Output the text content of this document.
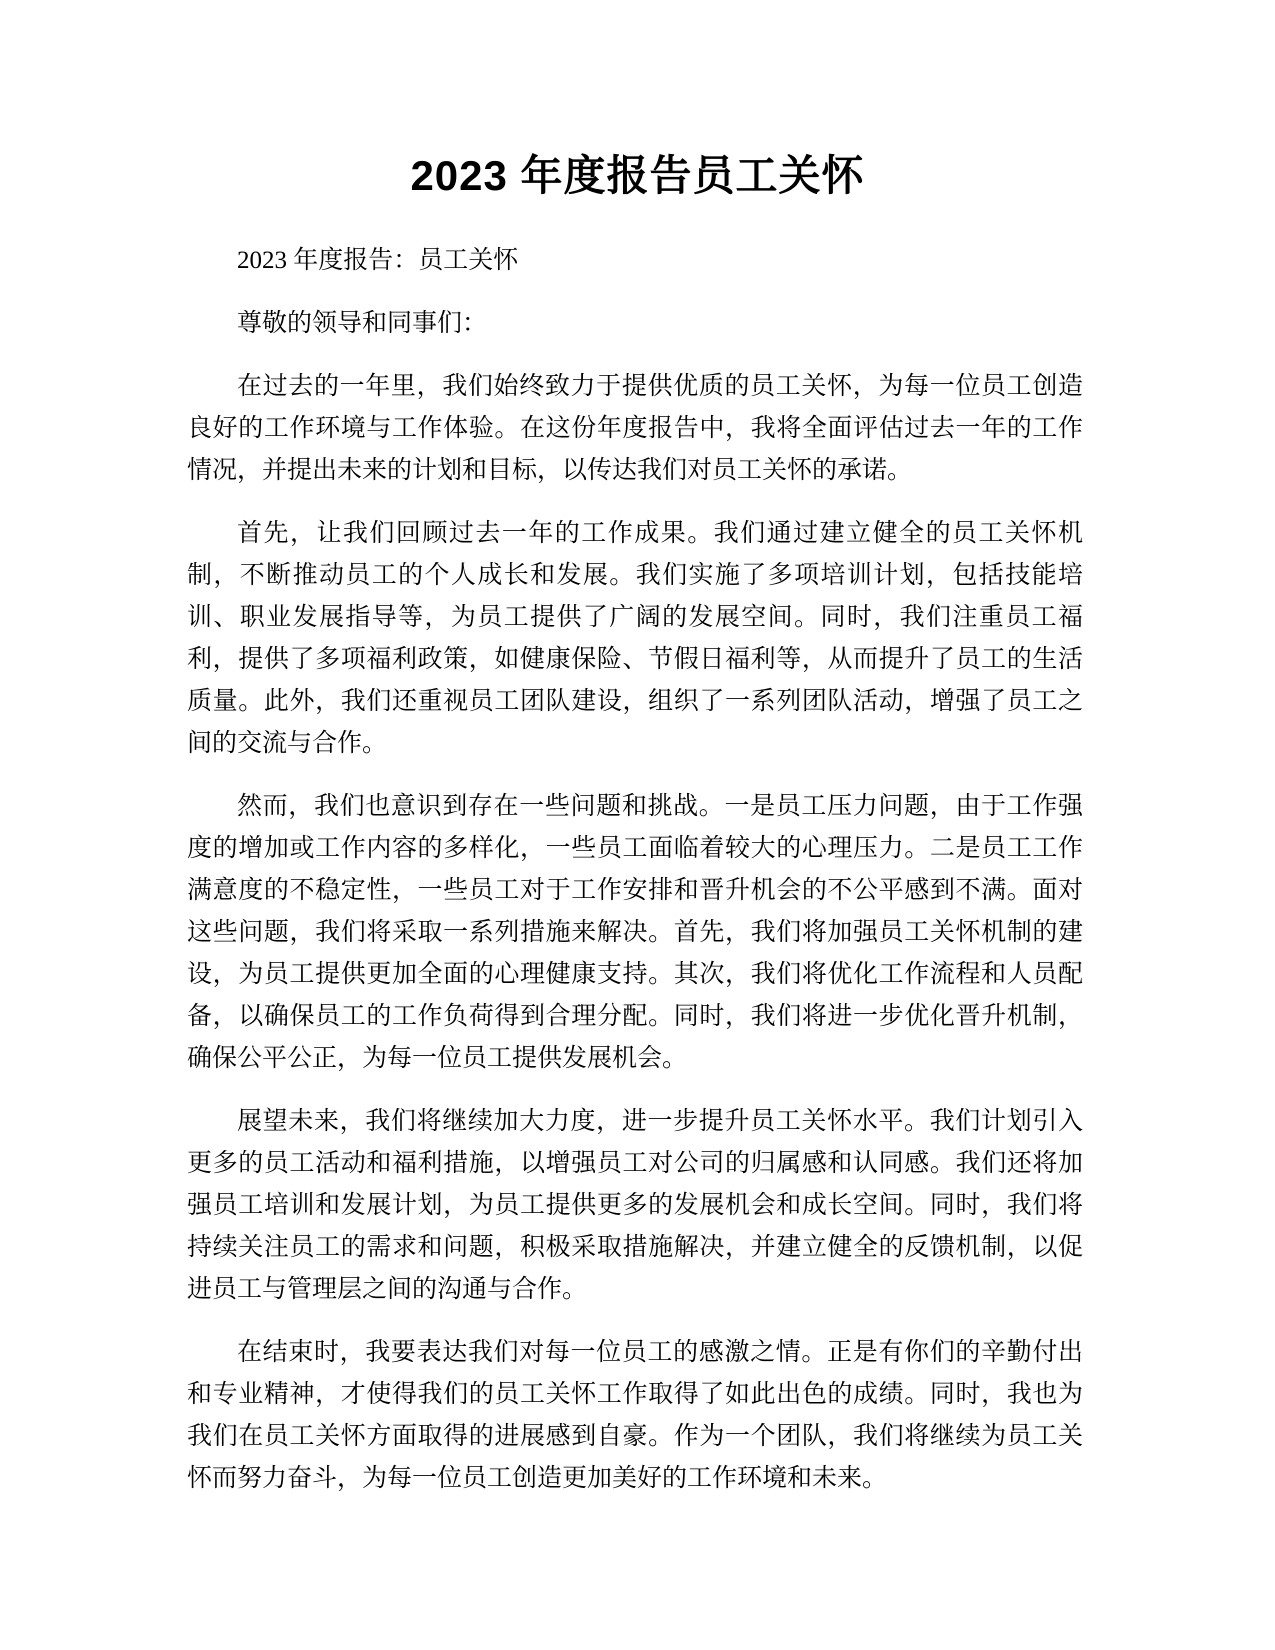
2023 年度报告员工关怀

2023 年度报告：员工关怀

尊敬的领导和同事们：

在过去的一年里，我们始终致力于提供优质的员工关怀，为每一位员工创造良好的工作环境与工作体验。在这份年度报告中，我将全面评估过去一年的工作情况，并提出未来的计划和目标，以传达我们对员工关怀的承诺。

首先，让我们回顾过去一年的工作成果。我们通过建立健全的员工关怀机制，不断推动员工的个人成长和发展。我们实施了多项培训计划，包括技能培训、职业发展指导等，为员工提供了广阔的发展空间。同时，我们注重员工福利，提供了多项福利政策，如健康保险、节假日福利等，从而提升了员工的生活质量。此外，我们还重视员工团队建设，组织了一系列团队活动，增强了员工之间的交流与合作。

然而，我们也意识到存在一些问题和挑战。一是员工压力问题，由于工作强度的增加或工作内容的多样化，一些员工面临着较大的心理压力。二是员工工作满意度的不稳定性，一些员工对于工作安排和晋升机会的不公平感到不满。面对这些问题，我们将采取一系列措施来解决。首先，我们将加强员工关怀机制的建设，为员工提供更加全面的心理健康支持。其次，我们将优化工作流程和人员配备，以确保员工的工作负荷得到合理分配。同时，我们将进一步优化晋升机制，确保公平公正，为每一位员工提供发展机会。

展望未来，我们将继续加大力度，进一步提升员工关怀水平。我们计划引入更多的员工活动和福利措施，以增强员工对公司的归属感和认同感。我们还将加强员工培训和发展计划，为员工提供更多的发展机会和成长空间。同时，我们将持续关注员工的需求和问题，积极采取措施解决，并建立健全的反馈机制，以促进员工与管理层之间的沟通与合作。

在结束时，我要表达我们对每一位员工的感激之情。正是有你们的辛勤付出和专业精神，才使得我们的员工关怀工作取得了如此出色的成绩。同时，我也为我们在员工关怀方面取得的进展感到自豪。作为一个团队，我们将继续为员工关怀而努力奋斗，为每一位员工创造更加美好的工作环境和未来。
